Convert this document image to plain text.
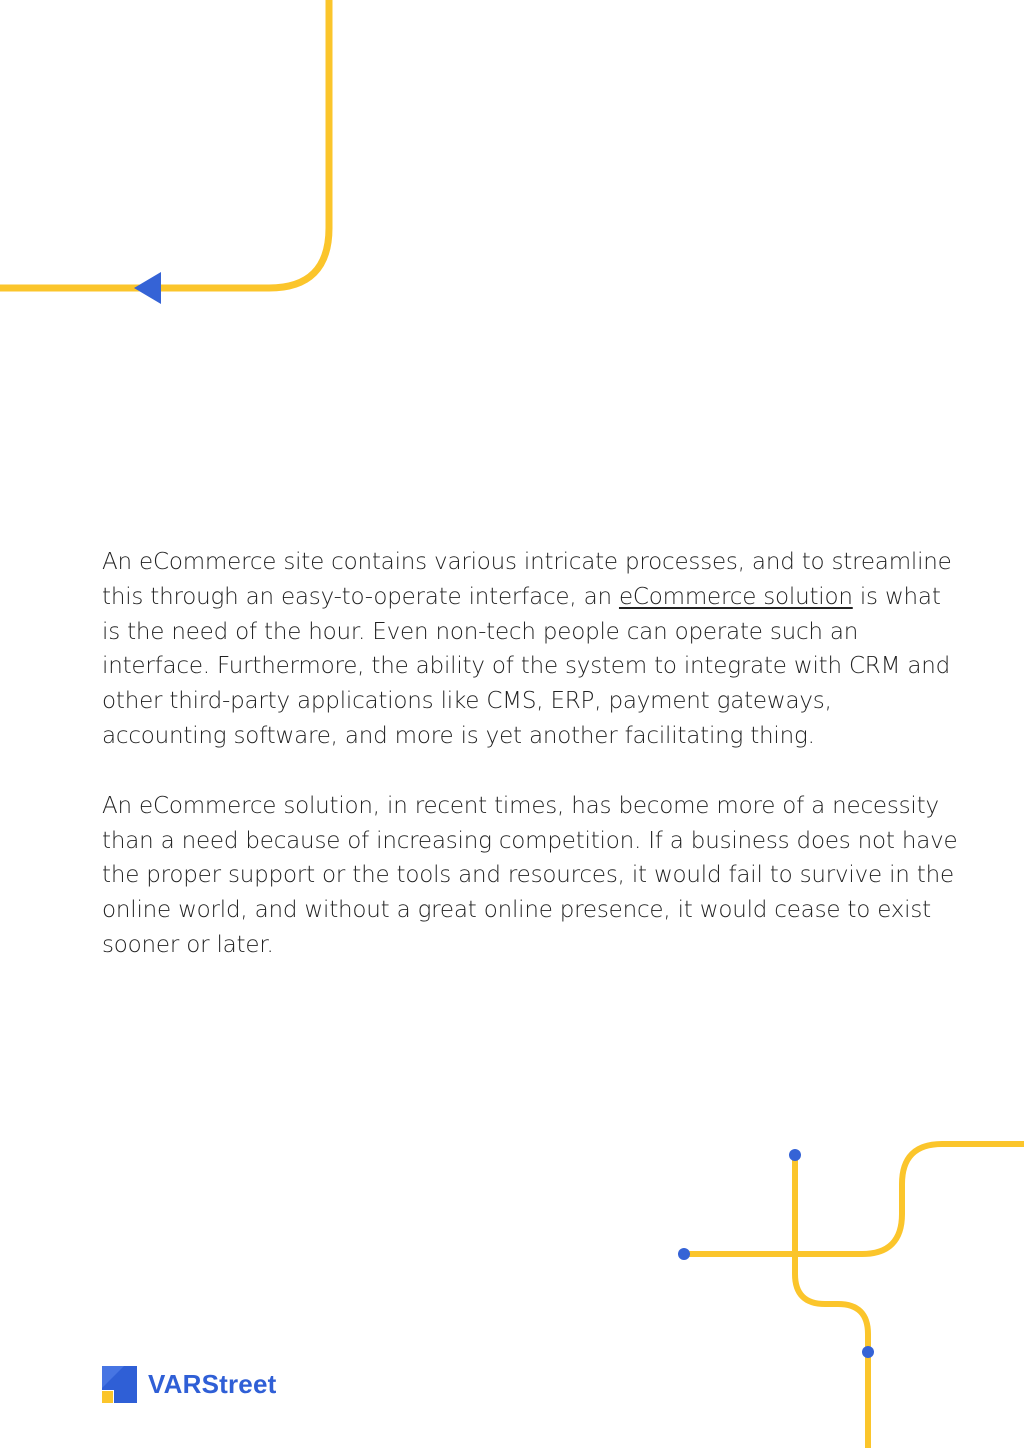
An eCommerce site contains various intricate processes, and to streamline this through an easy-to-operate interface, an eCommerce solution is what is the need of the hour. Even non-tech people can operate such an interface. Furthermore, the ability of the system to integrate with CRM and other third-party applications like CMS, ERP, payment gateways, accounting software, and more is yet another facilitating thing.

An eCommerce solution, in recent times, has become more of a necessity than a need because of increasing competition. If a business does not have the proper support or the tools and resources, it would fail to survive in the online world, and without a great online presence, it would cease to exist sooner or later.

VARStreet
